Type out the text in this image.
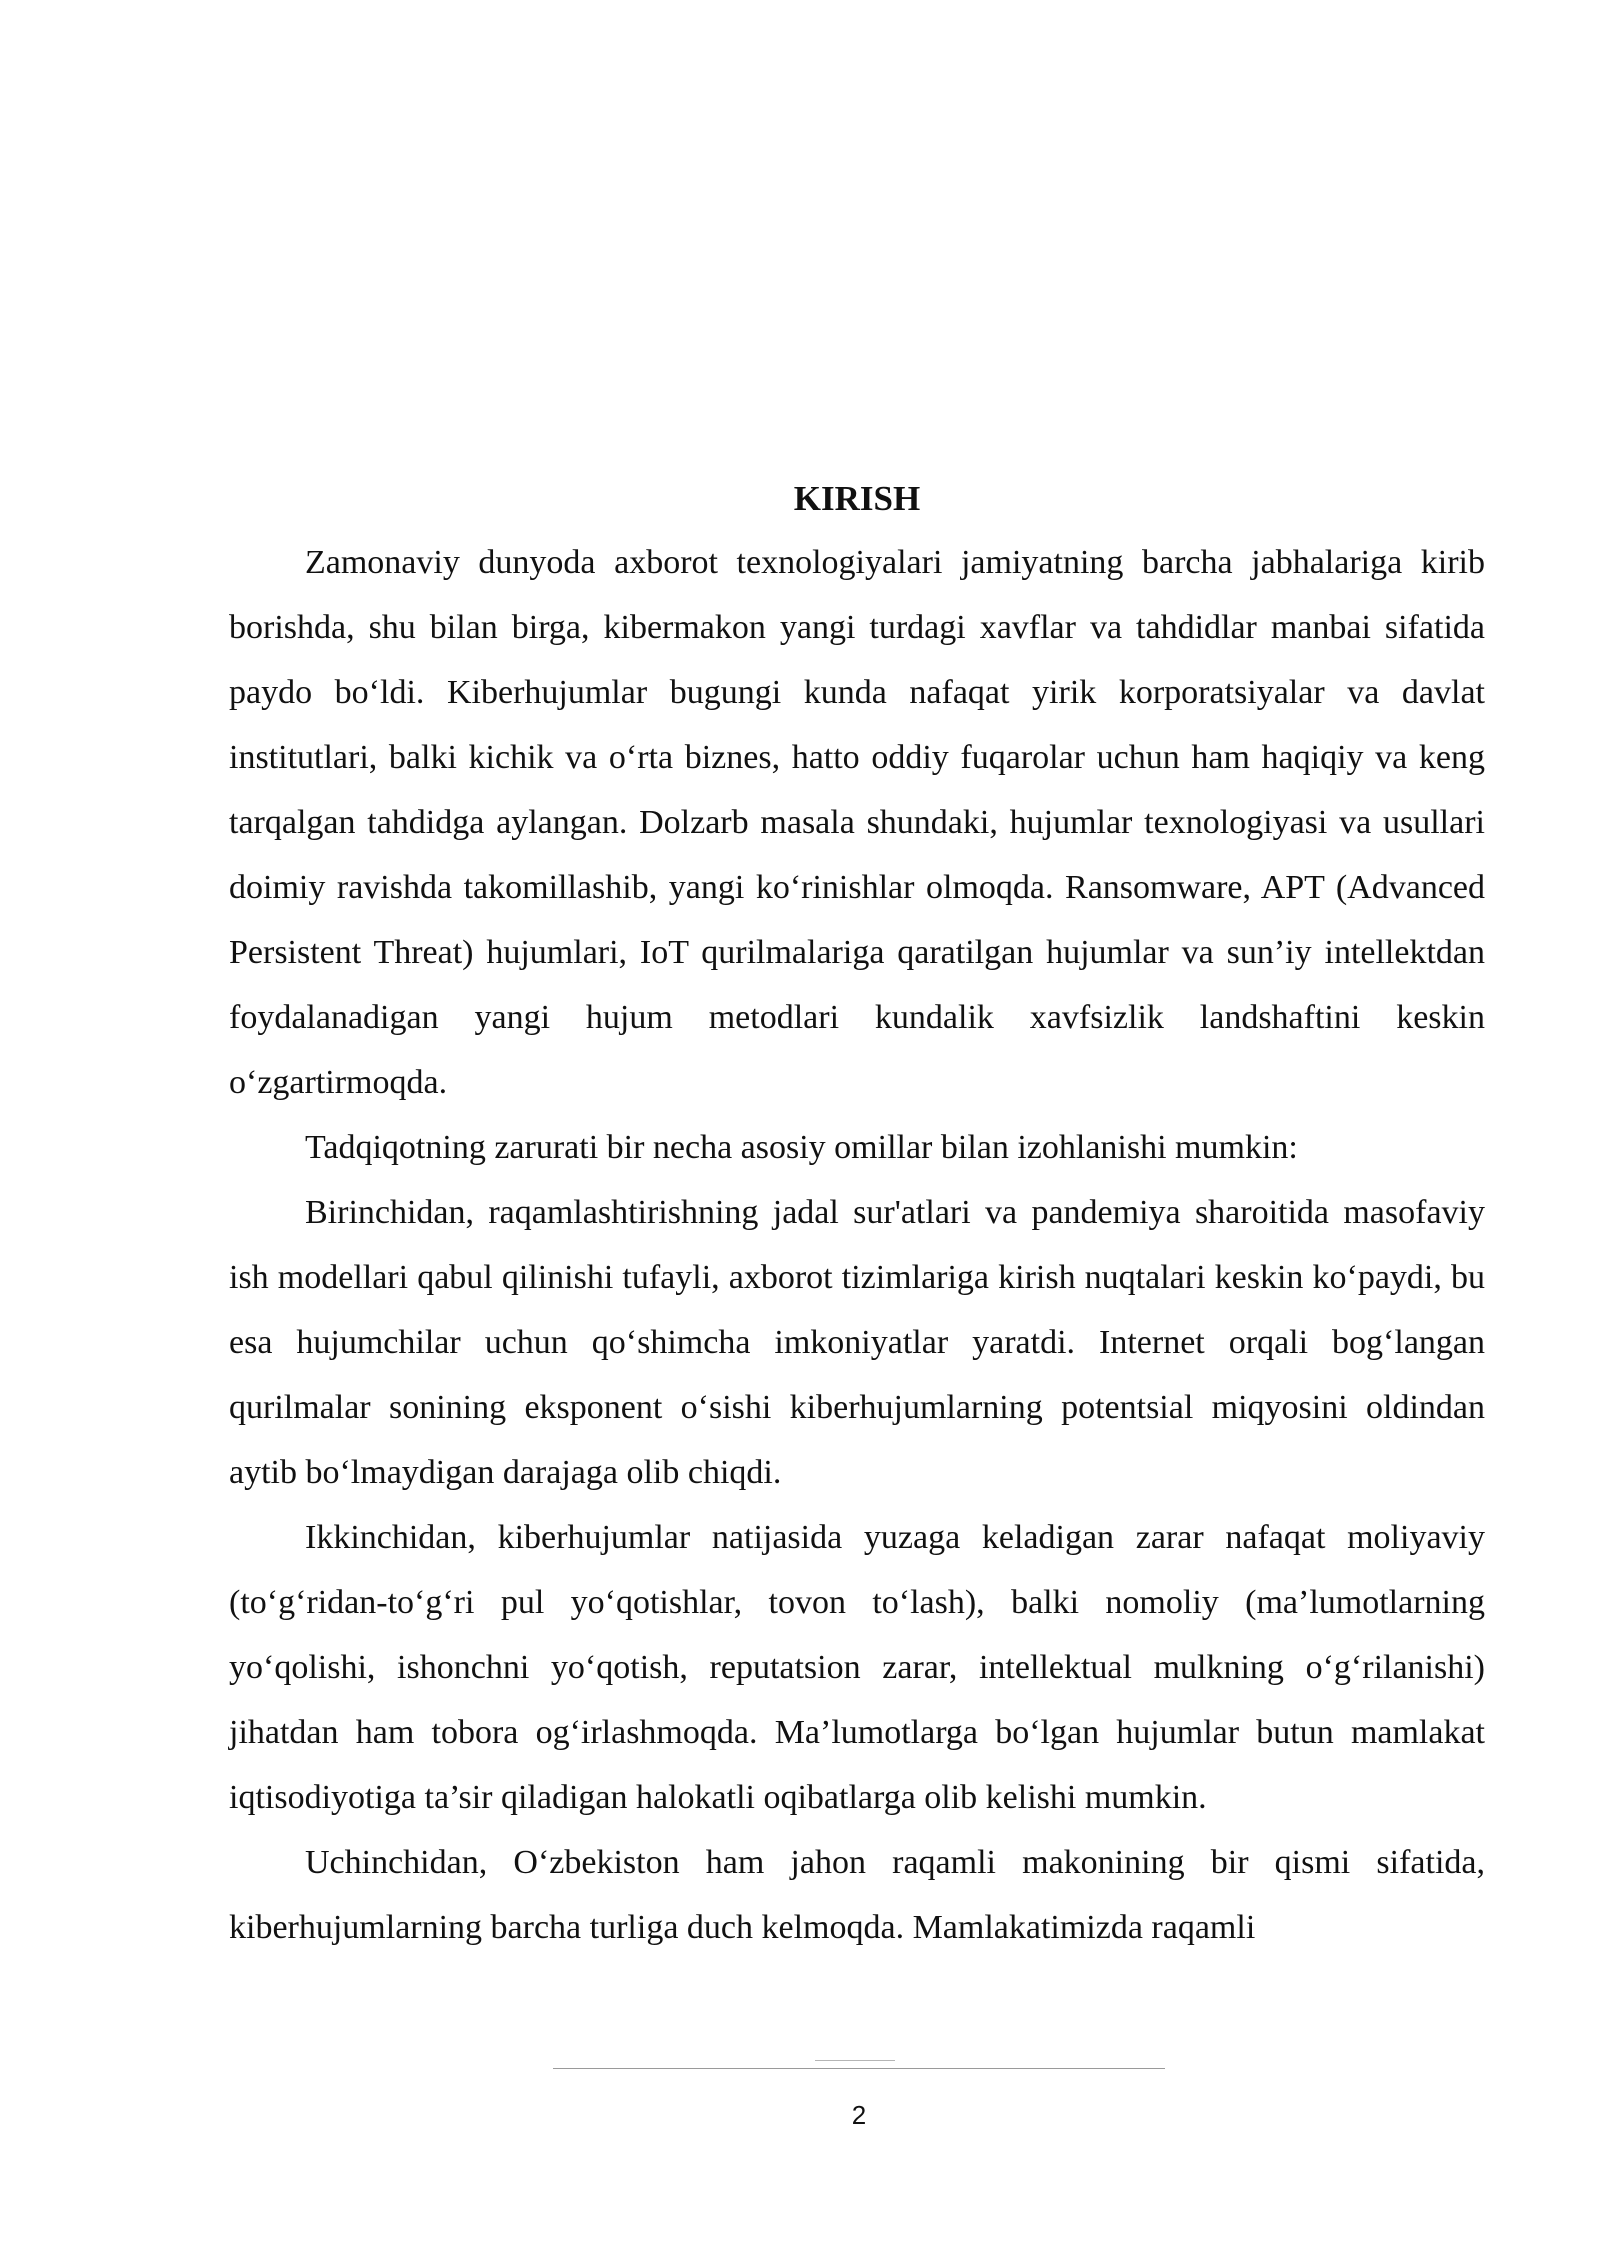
KIRISH

Zamonaviy dunyoda axborot texnologiyalari jamiyatning barcha jabhalariga kirib borishda, shu bilan birga, kibermakon yangi turdagi xavflar va tahdidlar manbai sifatida paydo bo‘ldi. Kiberhujumlar bugungi kunda nafaqat yirik korporatsiyalar va davlat institutlari, balki kichik va o‘rta biznes, hatto oddiy fuqarolar uchun ham haqiqiy va keng tarqalgan tahdidga aylangan. Dolzarb masala shundaki, hujumlar texnologiyasi va usullari doimiy ravishda takomillashib, yangi ko‘rinishlar olmoqda. Ransomware, APT (Advanced Persistent Threat) hujumlari, IoT qurilmalariga qaratilgan hujumlar va sun’iy intellektdan foydalanadigan yangi hujum metodlari kundalik xavfsizlik landshaftini keskin o‘zgartirmoqda.

Tadqiqotning zarurati bir necha asosiy omillar bilan izohlanishi mumkin:

Birinchidan, raqamlashtirishning jadal sur'atlari va pandemiya sharoitida masofaviy ish modellari qabul qilinishi tufayli, axborot tizimlariga kirish nuqtalari keskin ko‘paydi, bu esa hujumchilar uchun qo‘shimcha imkoniyatlar yaratdi. Internet orqali bog‘langan qurilmalar sonining eksponent o‘sishi kiberhujumlarning potentsial miqyosini oldindan aytib bo‘lmaydigan darajaga olib chiqdi.

Ikkinchidan, kiberhujumlar natijasida yuzaga keladigan zarar nafaqat moliyaviy (to‘g‘ridan-to‘g‘ri pul yo‘qotishlar, tovon to‘lash), balki nomoliy (ma’lumotlarning yo‘qolishi, ishonchni yo‘qotish, reputatsion zarar, intellektual mulkning o‘g‘rilanishi) jihatdan ham tobora og‘irlashmoqda. Ma’lumotlarga bo‘lgan hujumlar butun mamlakat iqtisodiyotiga ta’sir qiladigan halokatli oqibatlarga olib kelishi mumkin.

Uchinchidan, O‘zbekiston ham jahon raqamli makonining bir qismi sifatida, kiberhujumlarning barcha turliga duch kelmoqda. Mamlakatimizda raqamli

2
